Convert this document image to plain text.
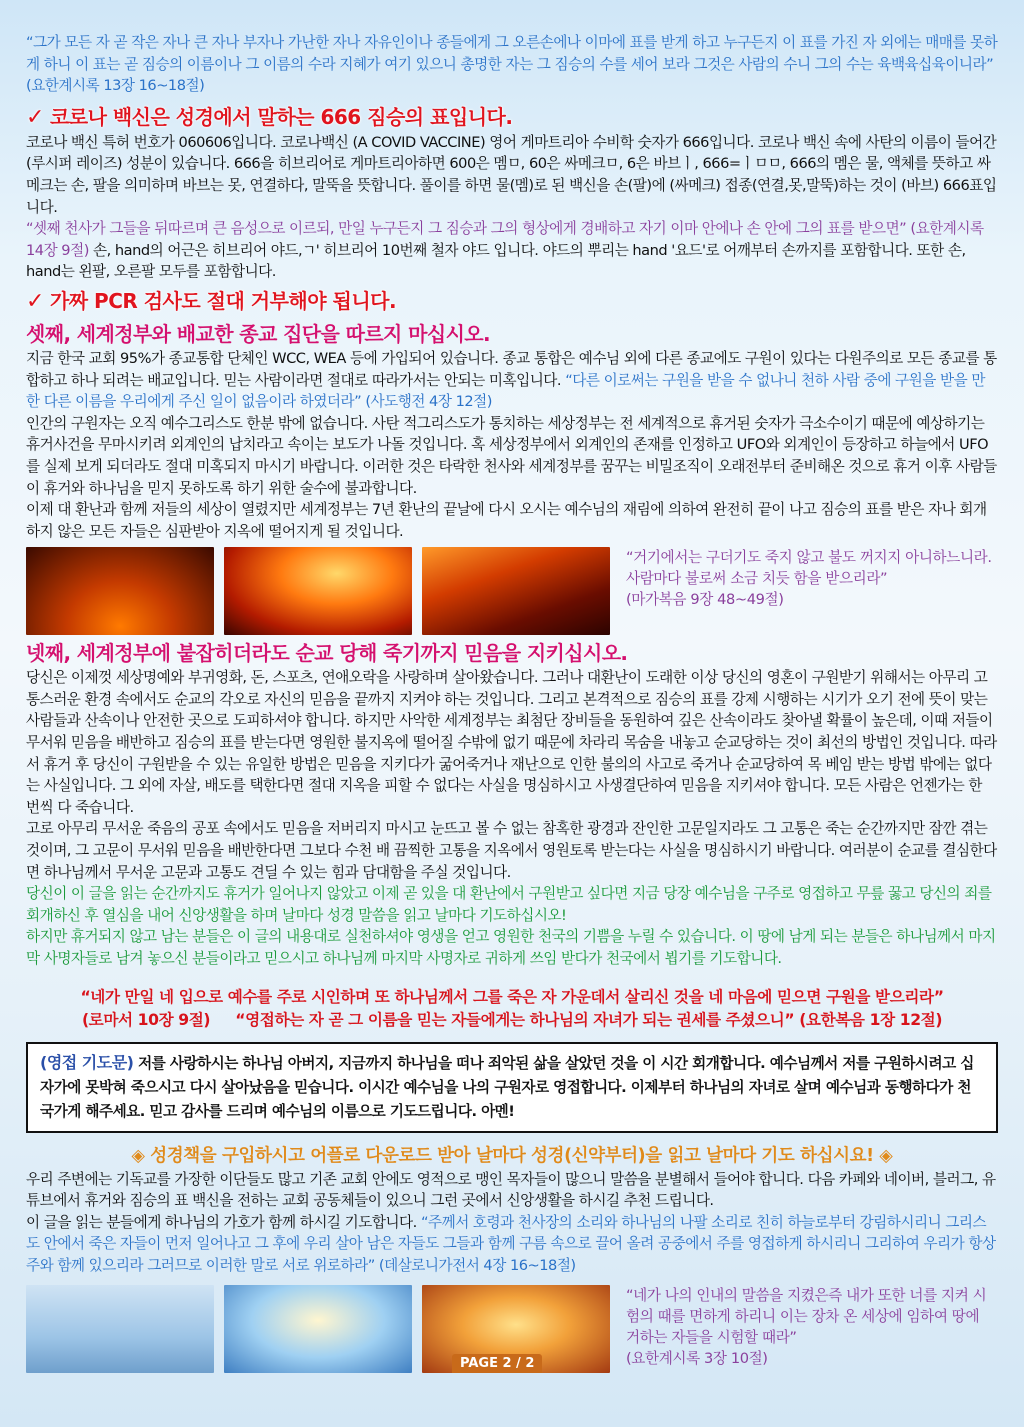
“그가 모든 자 곧 작은 자나 큰 자나 부자나 가난한 자나 자유인이나 종들에게 그 오른손에나 이마에 표를 받게 하고 누구든지 이 표를 가진 자 외에는 매매를 못하게 하니 이 표는 곧 짐승의 이름이나 그 이름의 수라 지혜가 여기 있으니 총명한 자는 그 짐승의 수를 세어 보라 그것은 사람의 수니 그의 수는 육백육십육이니라” (요한계시록 13장 16~18절)

✓ 코로나 백신은 성경에서 말하는 666 짐승의 표입니다.

코로나 백신 특허 번호가 060606입니다. 코로나백신 (A COVID VACCINE) 영어 게마트리아 수비학 숫자가 666입니다. 코로나 백신 속에 사탄의 이름이 들어간(루시퍼 레이즈) 성분이 있습니다. 666을 히브리어로 게마트리아하면 600은 멤ㅁ, 60은 싸메크ㅁ, 6은 바브ㅣ, 666=ㅣㅁㅁ, 666의 멤은 물, 액체를 뜻하고 싸메크는 손, 팔을 의미하며 바브는 못, 연결하다, 말뚝을 뜻합니다. 풀이를 하면 물(멤)로 된 백신을 손(팔)에 (싸메크) 접종(연결,못,말뚝)하는 것이 (바브) 666표입니다.

“셋째 천사가 그들을 뒤따르며 큰 음성으로 이르되, 만일 누구든지 그 짐승과 그의 형상에게 경배하고 자기 이마 안에나 손 안에 그의 표를 받으면” (요한계시록 14장 9절) 손, hand의 어근은 히브리어 야드,ㄱ' 히브리어 10번째 철자 야드 입니다. 야드의 뿌리는 hand '요드'로 어깨부터 손까지를 포함합니다. 또한 손, hand는 왼팔, 오른팔 모두를 포함합니다.

✓ 가짜 PCR 검사도 절대 거부해야 됩니다.

셋째, 세계정부와 배교한 종교 집단을 따르지 마십시오.

지금 한국 교회 95%가 종교통합 단체인 WCC, WEA 등에 가입되어 있습니다. 종교 통합은 예수님 외에 다른 종교에도 구원이 있다는 다원주의로 모든 종교를 통합하고 하나 되려는 배교입니다. 믿는 사람이라면 절대로 따라가서는 안되는 미혹입니다. “다른 이로써는 구원을 받을 수 없나니 천하 사람 중에 구원을 받을 만한 다른 이름을 우리에게 주신 일이 없음이라 하였더라” (사도행전 4장 12절)

인간의 구원자는 오직 예수그리스도 한분 밖에 없습니다. 사탄 적그리스도가 통치하는 세상정부는 전 세계적으로 휴거된 숫자가 극소수이기 때문에 예상하기는 휴거사건을 무마시키려 외계인의 납치라고 속이는 보도가 나돌 것입니다. 혹 세상정부에서 외계인의 존재를 인정하고 UFO와 외계인이 등장하고 하늘에서 UFO를 실제 보게 되더라도 절대 미혹되지 마시기 바랍니다. 이러한 것은 타락한 천사와 세계정부를 꿈꾸는 비밀조직이 오래전부터 준비해온 것으로 휴거 이후 사람들이 휴거와 하나님을 믿지 못하도록 하기 위한 술수에 불과합니다.

이제 대 환난과 함께 저들의 세상이 열렸지만 세계정부는 7년 환난의 끝날에 다시 오시는 예수님의 재림에 의하여 완전히 끝이 나고 짐승의 표를 받은 자나 회개하지 않은 모든 자들은 심판받아 지옥에 떨어지게 될 것입니다.

“거기에서는 구더기도 죽지 않고 불도 꺼지지 아니하느니라. 사람마다 불로써 소금 치듯 함을 받으리라”
(마가복음 9장 48~49절)

넷째, 세계정부에 붙잡히더라도 순교 당해 죽기까지 믿음을 지키십시오.

당신은 이제껏 세상명예와 부귀영화, 돈, 스포츠, 연애오락을 사랑하며 살아왔습니다. 그러나 대환난이 도래한 이상 당신의 영혼이 구원받기 위해서는 아무리 고통스러운 환경 속에서도 순교의 각오로 자신의 믿음을 끝까지 지켜야 하는 것입니다. 그리고 본격적으로 짐승의 표를 강제 시행하는 시기가 오기 전에 뜻이 맞는 사람들과 산속이나 안전한 곳으로 도피하셔야 합니다. 하지만 사악한 세계정부는 최첨단 장비들을 동원하여 깊은 산속이라도 찾아낼 확률이 높은데, 이때 저들이 무서워 믿음을 배반하고 짐승의 표를 받는다면 영원한 불지옥에 떨어질 수밖에 없기 때문에 차라리 목숨을 내놓고 순교당하는 것이 최선의 방법인 것입니다. 따라서 휴거 후 당신이 구원받을 수 있는 유일한 방법은 믿음을 지키다가 굶어죽거나 재난으로 인한 불의의 사고로 죽거나 순교당하여 목 베임 받는 방법 밖에는 없다는 사실입니다. 그 외에 자살, 배도를 택한다면 절대 지옥을 피할 수 없다는 사실을 명심하시고 사생결단하여 믿음을 지키셔야 합니다. 모든 사람은 언젠가는 한 번씩 다 죽습니다.

고로 아무리 무서운 죽음의 공포 속에서도 믿음을 저버리지 마시고 눈뜨고 볼 수 없는 참혹한 광경과 잔인한 고문일지라도 그 고통은 죽는 순간까지만 잠깐 겪는 것이며, 그 고문이 무서워 믿음을 배반한다면 그보다 수천 배 끔찍한 고통을 지옥에서 영원토록 받는다는 사실을 명심하시기 바랍니다. 여러분이 순교를 결심한다면 하나님께서 무서운 고문과 고통도 견딜 수 있는 힘과 담대함을 주실 것입니다.

당신이 이 글을 읽는 순간까지도 휴거가 일어나지 않았고 이제 곧 있을 대 환난에서 구원받고 싶다면 지금 당장 예수님을 구주로 영접하고 무릎 꿇고 당신의 죄를 회개하신 후 열심을 내어 신앙생활을 하며 날마다 성경 말씀을 읽고 날마다 기도하십시오!

하지만 휴거되지 않고 남는 분들은 이 글의 내용대로 실천하셔야 영생을 얻고 영원한 천국의 기쁨을 누릴 수 있습니다. 이 땅에 남게 되는 분들은 하나님께서 마지막 사명자들로 남겨 놓으신 분들이라고 믿으시고 하나님께 마지막 사명자로 귀하게 쓰임 받다가 천국에서 뵙기를 기도합니다.

“네가 만일 네 입으로 예수를 주로 시인하며 또 하나님께서 그를 죽은 자 가운데서 살리신 것을 네 마음에 믿으면 구원을 받으리라”

(로마서 10장 9절)     “영접하는 자 곧 그 이름을 믿는 자들에게는 하나님의 자녀가 되는 권세를 주셨으니” (요한복음 1장 12절)

(영접 기도문) 저를 사랑하시는 하나님 아버지, 지금까지 하나님을 떠나 죄악된 삶을 살았던 것을 이 시간 회개합니다. 예수님께서 저를 구원하시려고 십자가에 못박혀 죽으시고 다시 살아났음을 믿습니다. 이시간 예수님을 나의 구원자로 영접합니다. 이제부터 하나님의 자녀로 살며 예수님과 동행하다가 천국가게 해주세요. 믿고 감사를 드리며 예수님의 이름으로 기도드립니다. 아멘!

◈ 성경책을 구입하시고 어플로 다운로드 받아 날마다 성경(신약부터)을 읽고 날마다 기도 하십시요! ◈

우리 주변에는 기독교를 가장한 이단들도 많고 기존 교회 안에도 영적으로 맹인 목자들이 많으니 말씀을 분별해서 들어야 합니다. 다음 카페와 네이버, 블러그, 유튜브에서 휴거와 짐승의 표 백신을 전하는 교회 공동체들이 있으니 그런 곳에서 신앙생활을 하시길 추천 드립니다.

이 글을 읽는 분들에게 하나님의 가호가 함께 하시길 기도합니다. “주께서 호령과 천사장의 소리와 하나님의 나팔 소리로 친히 하늘로부터 강림하시리니 그리스도 안에서 죽은 자들이 먼저 일어나고 그 후에 우리 살아 남은 자들도 그들과 함께 구름 속으로 끌어 올려 공중에서 주를 영접하게 하시리니 그리하여 우리가 항상 주와 함께 있으리라 그러므로 이러한 말로 서로 위로하라” (데살로니가전서 4장 16~18절)

PAGE 2 / 2

“네가 나의 인내의 말씀을 지켰은즉 내가 또한 너를 지켜 시험의 때를 면하게 하리니 이는 장차 온 세상에 임하여 땅에 거하는 자들을 시험할 때라”
(요한계시록 3장 10절)
